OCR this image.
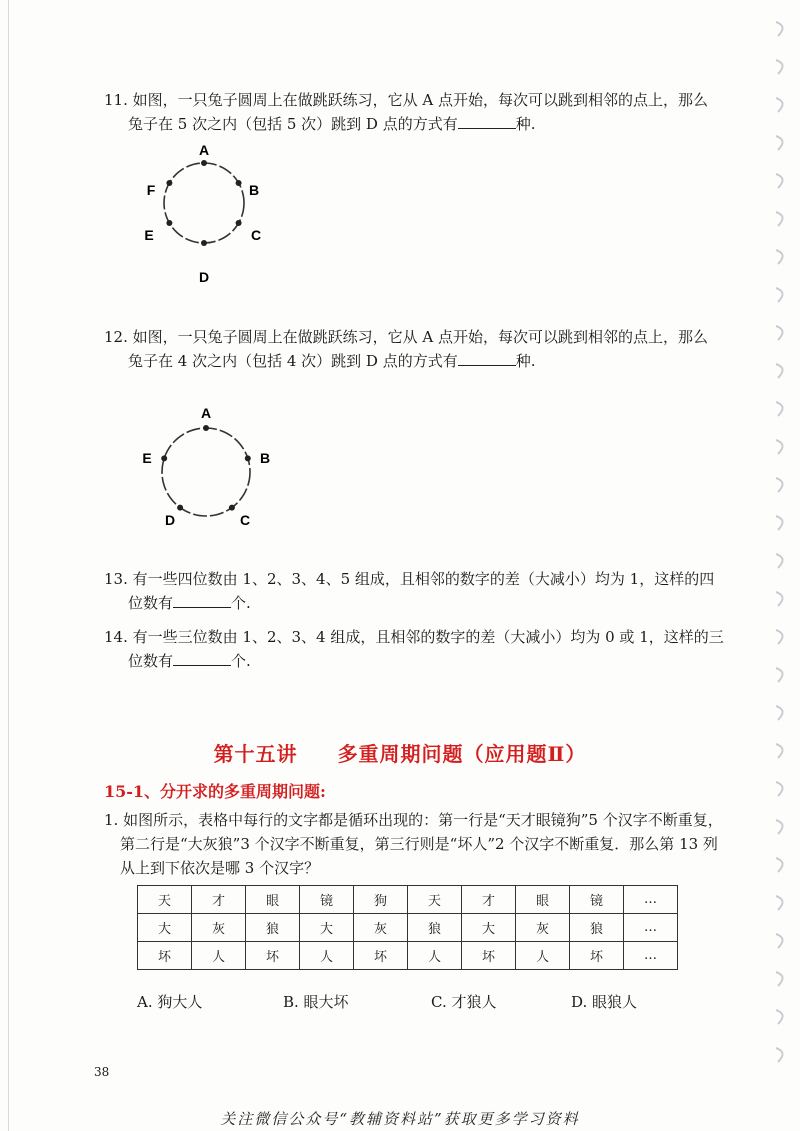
11. 如图，一只兔子圆周上在做跳跃练习，它从 A 点开始，每次可以跳到相邻的点上，那么
兔子在 5 次之内（包括 5 次）跳到 D 点的方式有	种.
A
B
C
D
E
F
12. 如图，一只兔子圆周上在做跳跃练习，它从 A 点开始，每次可以跳到相邻的点上，那么
兔子在 4 次之内（包括 4 次）跳到 D 点的方式有	种.
A
B
C
D
E
13. 有一些四位数由 1、2、3、4、5 组成，且相邻的数字的差（大减小）均为 1，这样的四
位数有	个.
14. 有一些三位数由 1、2、3、4 组成，且相邻的数字的差（大减小）均为 0 或 1，这样的三
位数有	个.
第十五讲 多重周期问题（应用题Ⅱ）
15-1、分开求的多重周期问题:
1. 如图所示，表格中每行的文字都是循环出现的：第一行是“天才眼镜狗”5 个汉字不断重复，
第二行是“大灰狼”3 个汉字不断重复，第三行则是“坏人”2 个汉字不断重复．那么第 13 列
从上到下依次是哪 3 个汉字？
天	才	眼	镜	狗	天	才	眼	镜	…
大	灰	狼	大	灰	狼	大	灰	狼	…
坏	人	坏	人	坏	人	坏	人	坏	…
A. 狗大人	B. 眼大坏	C. 才狼人	D. 眼狼人
38
关注微信公众号“教辅资料站”获取更多学习资料
